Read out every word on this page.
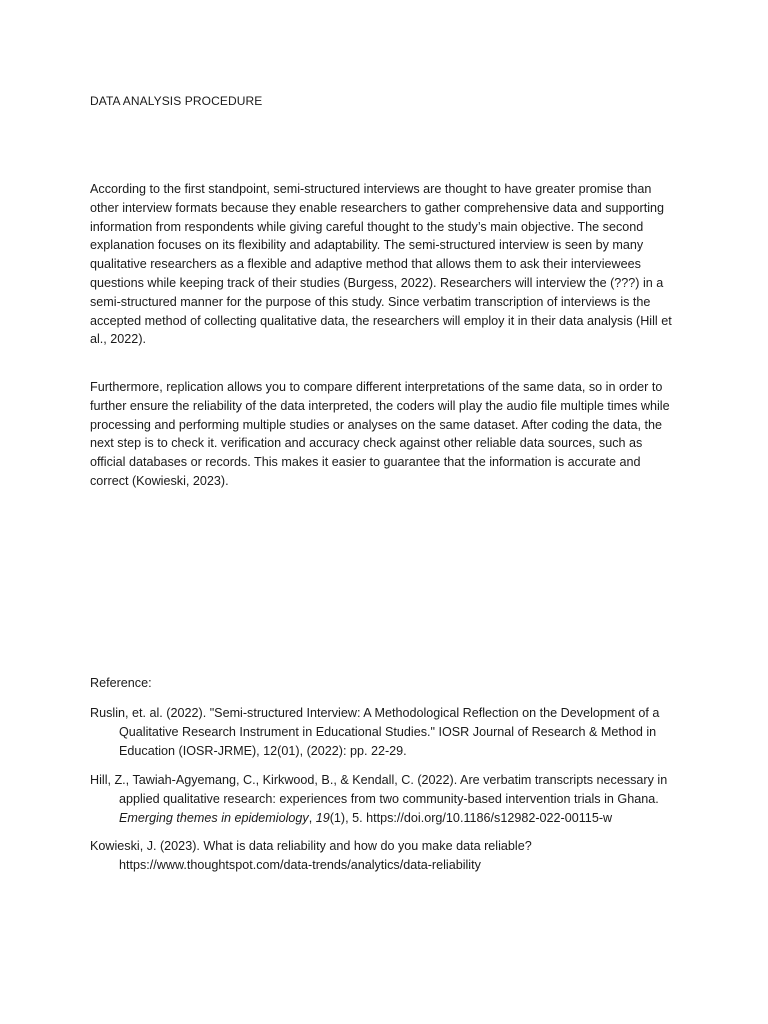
DATA ANALYSIS PROCEDURE

According to the first standpoint, semi-structured interviews are thought to have greater promise than other interview formats because they enable researchers to gather comprehensive data and supporting information from respondents while giving careful thought to the study’s main objective. The second explanation focuses on its flexibility and adaptability. The semi-structured interview is seen by many qualitative researchers as a flexible and adaptive method that allows them to ask their interviewees questions while keeping track of their studies (Burgess, 2022). Researchers will interview the (???) in a semi-structured manner for the purpose of this study. Since verbatim transcription of interviews is the accepted method of collecting qualitative data, the researchers will employ it in their data analysis (Hill et al., 2022).

Furthermore, replication allows you to compare different interpretations of the same data, so in order to further ensure the reliability of the data interpreted, the coders will play the audio file multiple times while processing and performing multiple studies or analyses on the same dataset. After coding the data, the next step is to check it. verification and accuracy check against other reliable data sources, such as official databases or records. This makes it easier to guarantee that the information is accurate and correct (Kowieski, 2023).

Reference:

Ruslin, et. al. (2022). "Semi-structured Interview: A Methodological Reflection on the Development of a Qualitative Research Instrument in Educational Studies." IOSR Journal of Research & Method in Education (IOSR-JRME), 12(01), (2022): pp. 22-29.

Hill, Z., Tawiah-Agyemang, C., Kirkwood, B., & Kendall, C. (2022). Are verbatim transcripts necessary in applied qualitative research: experiences from two community-based intervention trials in Ghana. Emerging themes in epidemiology, 19(1), 5. https://doi.org/10.1186/s12982-022-00115-w

Kowieski, J. (2023). What is data reliability and how do you make data reliable? https://www.thoughtspot.com/data-trends/analytics/data-reliability
